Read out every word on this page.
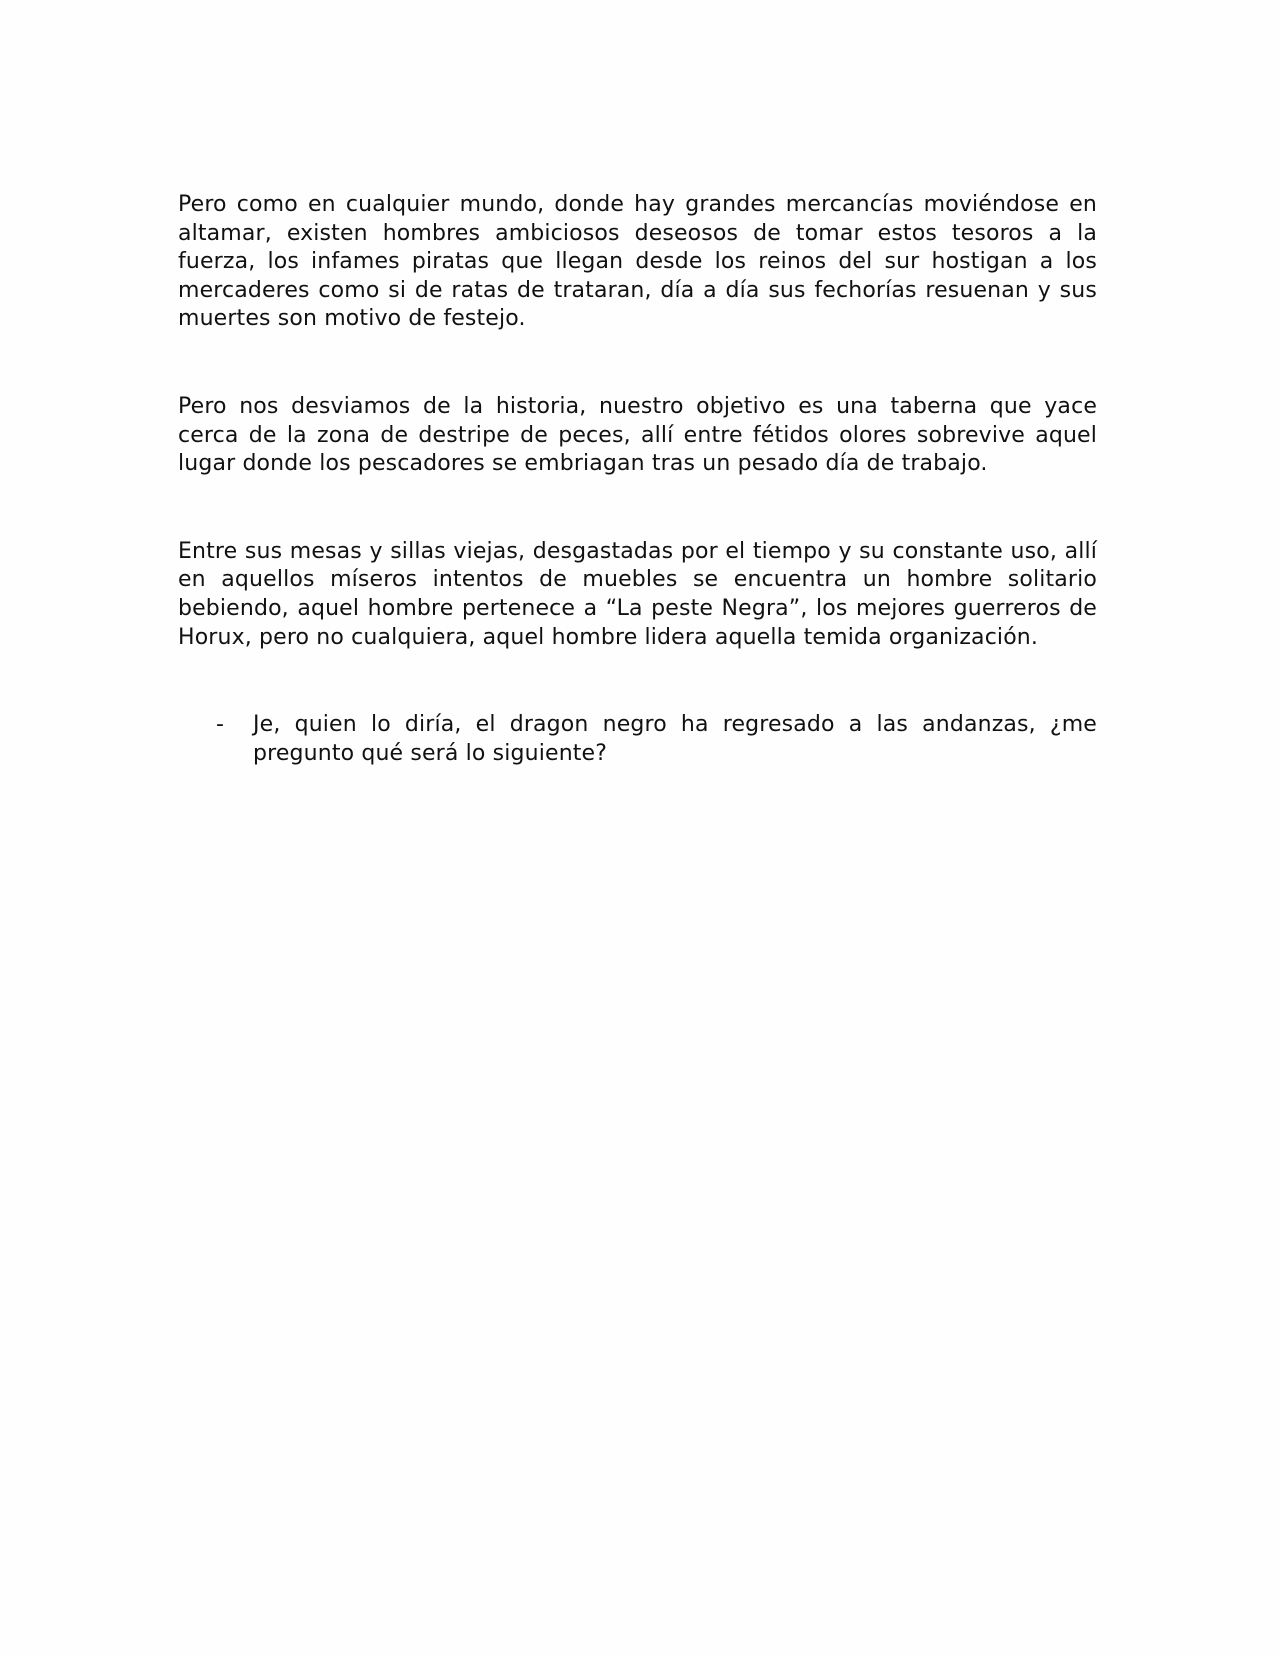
Pero como en cualquier mundo, donde hay grandes mercancías moviéndose en altamar, existen hombres ambiciosos deseosos de tomar estos tesoros a la fuerza, los infames piratas que llegan desde los reinos del sur hostigan a los mercaderes como si de ratas de trataran, día a día sus fechorías resuenan y sus muertes son motivo de festejo.

Pero nos desviamos de la historia, nuestro objetivo es una taberna que yace cerca de la zona de destripe de peces, allí entre fétidos olores sobrevive aquel lugar donde los pescadores se embriagan tras un pesado día de trabajo.

Entre sus mesas y sillas viejas, desgastadas por el tiempo y su constante uso, allí en aquellos míseros intentos de muebles se encuentra un hombre solitario bebiendo, aquel hombre pertenece a “La peste Negra”, los mejores guerreros de Horux, pero no cualquiera, aquel hombre lidera aquella temida organización.

- Je, quien lo diría, el dragon negro ha regresado a las andanzas, ¿me pregunto qué será lo siguiente?
